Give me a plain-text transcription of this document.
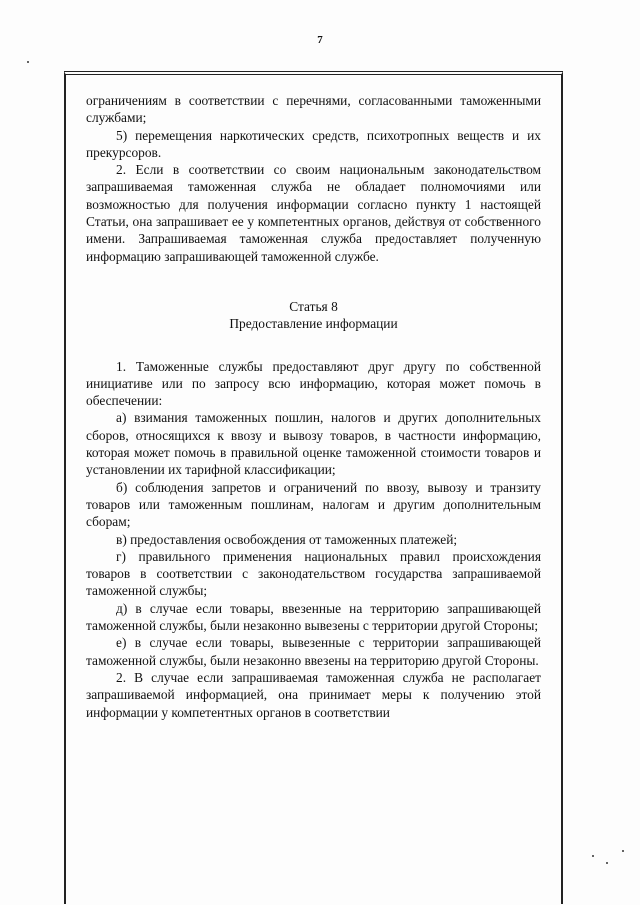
7

ограничениям в соответствии с перечнями, согласованными таможенными службами;

5) перемещения наркотических средств, психотропных веществ и их прекурсоров.

2. Если в соответствии со своим национальным законодательством запрашиваемая таможенная служба не обладает полномочиями или возможностью для получения информации согласно пункту 1 настоящей Статьи, она запрашивает ее у компетентных органов, действуя от собственного имени. Запрашиваемая таможенная служба предоставляет полученную информацию запрашивающей таможенной службе.

Статья 8
Предоставление информации

1. Таможенные службы предоставляют друг другу по собственной инициативе или по запросу всю информацию, которая может помочь в обеспечении:

а) взимания таможенных пошлин, налогов и других дополнительных сборов, относящихся к ввозу и вывозу товаров, в частности информацию, которая может помочь в правильной оценке таможенной стоимости товаров и установлении их тарифной классификации;

б) соблюдения запретов и ограничений по ввозу, вывозу и транзиту товаров или таможенным пошлинам, налогам и другим дополнительным сборам;

в) предоставления освобождения от таможенных платежей;

г) правильного применения национальных правил происхождения товаров в соответствии с законодательством государства запрашиваемой таможенной службы;

д) в случае если товары, ввезенные на территорию запрашивающей таможенной службы, были незаконно вывезены с территории другой Стороны;

е) в случае если товары, вывезенные с территории запрашивающей таможенной службы, были незаконно ввезены на территорию другой Стороны.

2. В случае если запрашиваемая таможенная служба не располагает запрашиваемой информацией, она принимает меры к получению этой информации у компетентных органов в соответствии
